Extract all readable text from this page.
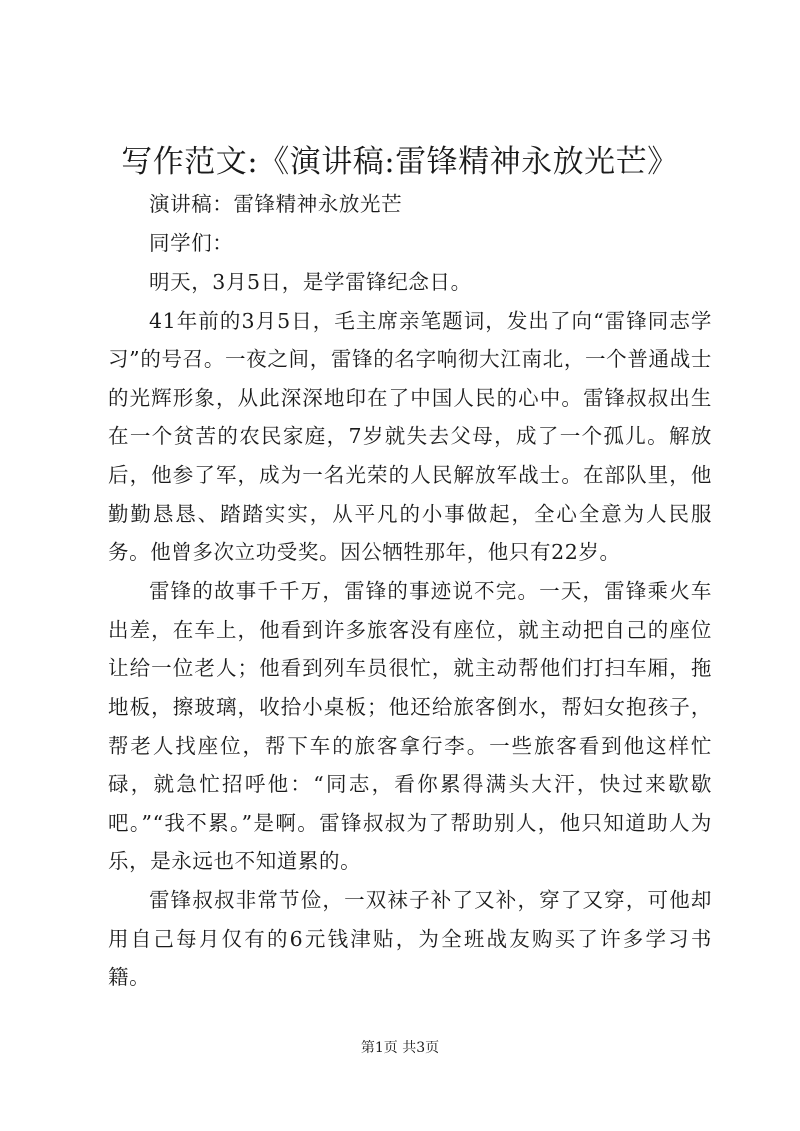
写作范文:《演讲稿:雷锋精神永放光芒》

演讲稿：雷锋精神永放光芒

同学们：

明天，3月5日，是学雷锋纪念日。

41年前的3月5日，毛主席亲笔题词，发出了向“雷锋同志学习”的号召。一夜之间，雷锋的名字响彻大江南北，一个普通战士的光辉形象，从此深深地印在了中国人民的心中。雷锋叔叔出生在一个贫苦的农民家庭，7岁就失去父母，成了一个孤儿。解放后，他参了军，成为一名光荣的人民解放军战士。在部队里，他勤勤恳恳、踏踏实实，从平凡的小事做起，全心全意为人民服务。他曾多次立功受奖。因公牺牲那年，他只有22岁。

雷锋的故事千千万，雷锋的事迹说不完。一天，雷锋乘火车出差，在车上，他看到许多旅客没有座位，就主动把自己的座位让给一位老人；他看到列车员很忙，就主动帮他们打扫车厢，拖地板，擦玻璃，收拾小桌板；他还给旅客倒水，帮妇女抱孩子，帮老人找座位，帮下车的旅客拿行李。一些旅客看到他这样忙碌，就急忙招呼他：“同志，看你累得满头大汗，快过来歇歇吧。”“我不累。”是啊。雷锋叔叔为了帮助别人，他只知道助人为乐，是永远也不知道累的。

雷锋叔叔非常节俭，一双袜子补了又补，穿了又穿，可他却用自己每月仅有的6元钱津贴，为全班战友购买了许多学习书籍。

第1页 共3页
